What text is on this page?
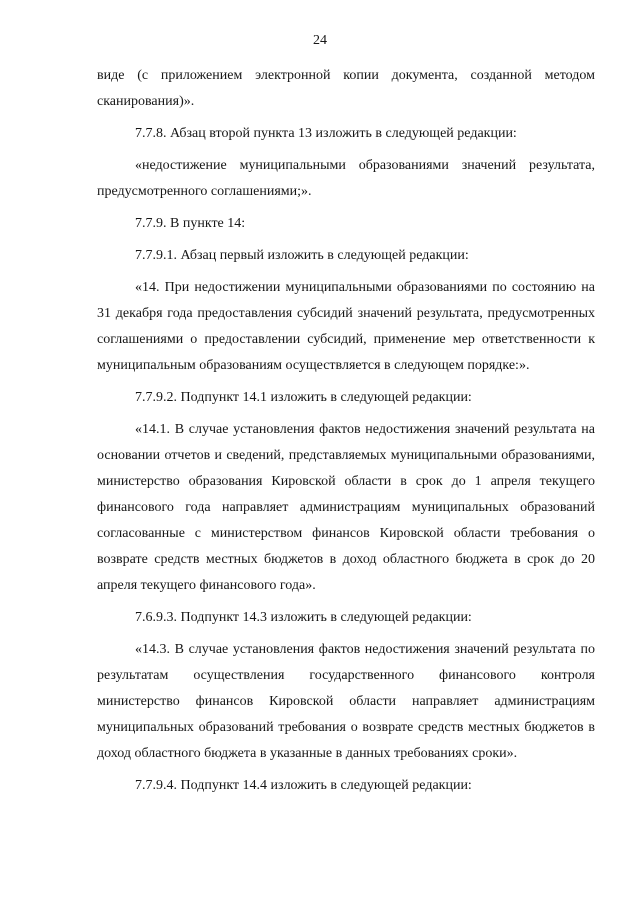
24

виде (с приложением электронной копии документа, созданной методом сканирования)».

7.7.8. Абзац второй пункта 13 изложить в следующей редакции:

«недостижение муниципальными образованиями значений результата, предусмотренного соглашениями;».

7.7.9. В пункте 14:

7.7.9.1. Абзац первый изложить в следующей редакции:

«14. При недостижении муниципальными образованиями по состоянию на 31 декабря года предоставления субсидий значений результата, предусмотренных соглашениями о предоставлении субсидий, применение мер ответственности к муниципальным образованиям осуществляется в следующем порядке:».

7.7.9.2. Подпункт 14.1 изложить в следующей редакции:

«14.1. В случае установления фактов недостижения значений результата на основании отчетов и сведений, представляемых муниципальными образованиями, министерство образования Кировской области в срок до 1 апреля текущего финансового года направляет администрациям муниципальных образований согласованные с министерством финансов Кировской области требования о возврате средств местных бюджетов в доход областного бюджета в срок до 20 апреля текущего финансового года».

7.6.9.3. Подпункт 14.3 изложить в следующей редакции:

«14.3. В случае установления фактов недостижения значений результата по результатам осуществления государственного финансового контроля министерство финансов Кировской области направляет администрациям муниципальных образований требования о возврате средств местных бюджетов в доход областного бюджета в указанные в данных требованиях сроки».

7.7.9.4. Подпункт 14.4 изложить в следующей редакции:
